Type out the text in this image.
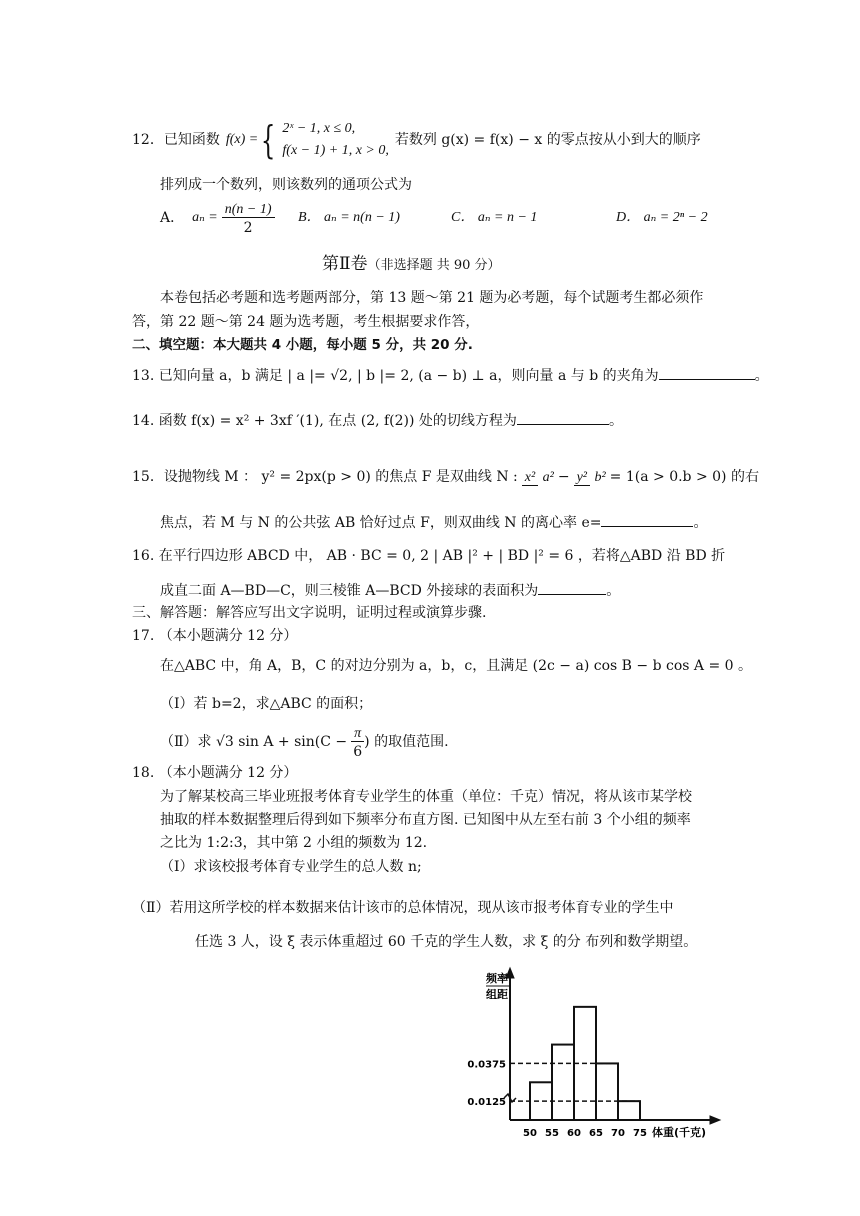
12． 已知函数 f(x) = { 2ˣ − 1, x ≤ 0,
f(x − 1) + 1, x > 0,
若数列 g(x) = f(x) − x 的零点按从小到大的顺序
排列成一个数列，则该数列的通项公式为
A． $a_n = \frac{n(n - 1)}{2}$ B． aₙ = n(n − 1)	C． aₙ = n − 1	D． aₙ = 2ⁿ − 2
第Ⅱ卷（非选择题 共 90 分）
本卷包括必考题和选考题两部分，第 13 题～第 21 题为必考题，每个试题考生都必须作
答，第 22 题～第 24 题为选考题，考生根据要求作答，
二、填空题：本大题共 4 小题，每小题 5 分，共 20 分.
13. 已知向量 a，b 满足 | a |= √2, | b |= 2, (a − b) ⊥ a，则向量 a 与 b 的夹角为	。
14. 函数 f(x) = x² + 3xf ′(1), 在点 (2, f(2)) 处的切线方程为	。
15．设抛物线 M ： y² = 2px(p > 0) 的焦点 F 是双曲线 N : x² a² − y² b² = 1(a > 0.b > 0) 的右
焦点，若 M 与 N 的公共弦 AB 恰好过点 F，则双曲线 N 的离心率 e=	。
16. 在平行四边形 ABCD 中， AB · BC = 0, 2 | AB |² + | BD |² = 6 ，若将△ABD 沿 BD 折
成直二面 A—BD—C，则三棱锥 A—BCD 外接球的表面积为	。
三、解答题：解答应写出文字说明，证明过程或演算步骤.
17. （本小题满分 12 分）
在△ABC 中，角 A，B，C 的对边分别为 a，b，c，且满足 (2c − a) cos B − b cos A = 0 。
（I）若 b=2，求△ABC 的面积；
（Ⅱ）求 √3 $\sin A + \sin(C - \frac{\pi}{6}$ ) 的取值范围.
18. （本小题满分 12 分）
为了解某校高三毕业班报考体育专业学生的体重（单位：千克）情况，将从该市某学校
抽取的样本数据整理后得到如下频率分布直方图. 已知图中从左至右前 3 个小组的频率
之比为 1:2:3，其中第 2 小组的频数为 12.
（I）求该校报考体育专业学生的总人数 n;
（Ⅱ）若用这所学校的样本数据来估计该市的总体情况，现从该市报考体育专业的学生中
任选 3 人，设 ξ 表示体重超过 60 千克的学生人数，求 ξ 的分 布列和数学期望。
50 55 60 65 70 75
0.0375
0.0125
频率
组距
体重(千克)
